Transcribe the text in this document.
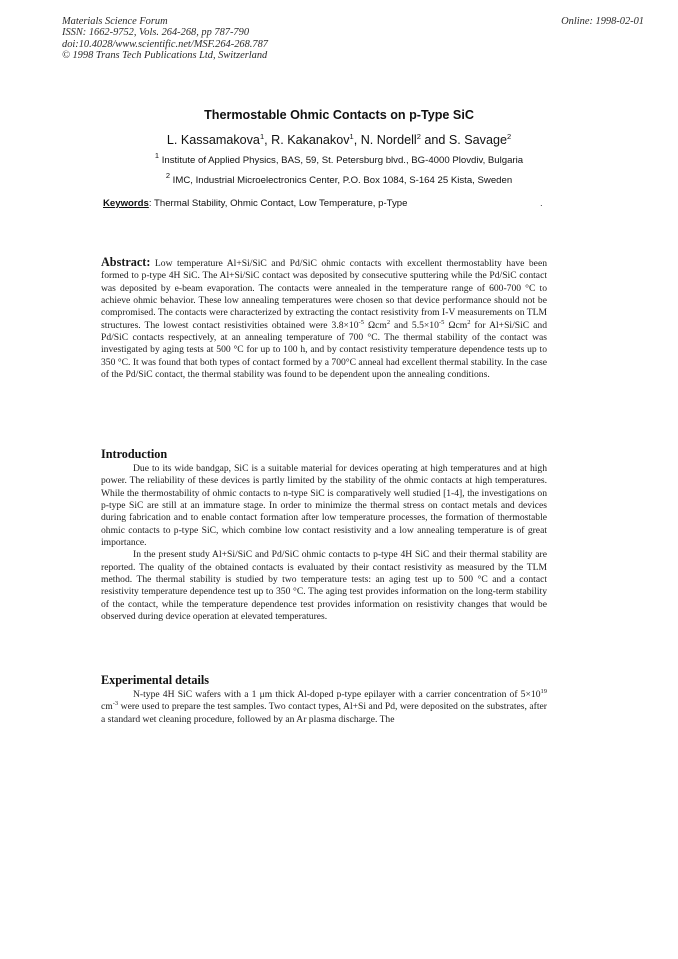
Materials Science Forum
ISSN: 1662-9752, Vols. 264-268, pp 787-790
doi:10.4028/www.scientific.net/MSF.264-268.787
© 1998 Trans Tech Publications Ltd, Switzerland
Online: 1998-02-01
Thermostable Ohmic Contacts on p-Type SiC
L. Kassamakova$^1$, R. Kakanakov$^1$, N. Nordell$^2$ and S. Savage$^2$
$^1$ Institute of Applied Physics, BAS, 59, St. Petersburg blvd., BG-4000 Plovdiv, Bulgaria
$^2$ IMC, Industrial Microelectronics Center, P.O. Box 1084, S-164 25 Kista, Sweden
Keywords: Thermal Stability, Ohmic Contact, Low Temperature, p-Type	.

Abstract: Low temperature Al+Si/SiC and Pd/SiC ohmic contacts with excellent thermostablity have been formed to p-type 4H SiC. The Al+Si/SiC contact was deposited by consecutive sputtering while the Pd/SiC contact was deposited by e-beam evaporation. The contacts were annealed in the temperature range of 600-700 °C to achieve ohmic behavior. These low annealing temperatures were chosen so that device performance should not be compromised. The contacts were characterized by extracting the contact resistivity from I-V measurements on TLM structures. The lowest contact resistivities obtained were $3.8\times 10^{-5}$ Ωcm$^2$ and $5.5\times 10^{-5}$ Ωcm$^2$ for Al+Si/SiC and Pd/SiC contacts respectively, at an annealing temperature of 700 °C. The thermal stability of the contact was investigated by aging tests at 500 °C for up to 100 h, and by contact resistivity temperature dependence tests up to 350 °C. It was found that both types of contact formed by a 700°C anneal had excellent thermal stability. In the case of the Pd/SiC contact, the thermal stability was found to be dependent upon the annealing conditions.

Introduction

Due to its wide bandgap, SiC is a suitable material for devices operating at high temperatures and at high power. The reliability of these devices is partly limited by the stability of the ohmic contacts at high temperatures. While the thermostability of ohmic contacts to n-type SiC is comparatively well studied [1-4], the investigations on p-type SiC are still at an immature stage. In order to minimize the thermal stress on contact metals and devices during fabrication and to enable contact formation after low temperature processes, the formation of thermostable ohmic contacts to p-type SiC, which combine low contact resistivity and a low annealing temperature is of great importance.

In the present study Al+Si/SiC and Pd/SiC ohmic contacts to p-type 4H SiC and their thermal stability are reported. The quality of the obtained contacts is evaluated by their contact resistivity as measured by the TLM method. The thermal stability is studied by two temperature tests: an aging test up to 500 °C and a contact resistivity temperature dependence test up to 350 °C. The aging test provides information on the long-term stability of the contact, while the temperature dependence test provides information on resistivity changes that would be observed during device operation at elevated temperatures.

Experimental details

N-type 4H SiC wafers with a 1 μm thick Al-doped p-type epilayer with a carrier concentration of $5\times 10^{19}$ $cm^{-3}$ were used to prepare the test samples. Two contact types, Al+Si and Pd, were deposited on the substrates, after a standard wet cleaning procedure, followed by an Ar plasma discharge. The
